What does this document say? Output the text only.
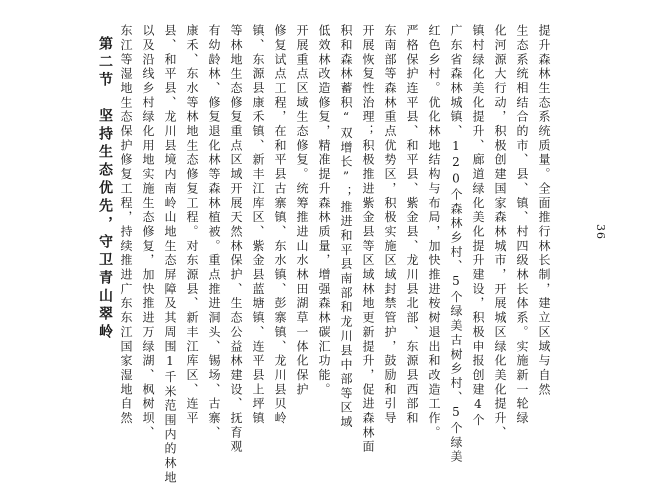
第二节　坚持生态优先，守卫青山翠岭	提升森林生态系统质量。全面推行林长制，建立区域与自然
生态系统相结合的市、县、镇、村四级林长体系。实施新一轮绿
化河源大行动，积极创建国家森林城市，开展城区绿化美化提升、
镇村绿化美化提升、廊道绿化美化提升建设，积极申报创建4个
广东省森林城镇、120个森林乡村、5个绿美古树乡村、5个绿美
红色乡村。优化林地结构与布局，加快推进桉树退出和改造工作。
严格保护连平县、和平县、紫金县、龙川县北部、东源县西部和
东南部等森林重点优势区，积极实施区域封禁管护，鼓励和引导
开展恢复性治理；积极推进紫金县等区域林地更新提升，促进森林面
积和森林蓄积“双增长”；推进和平县南部和龙川县中部等区域
低效林改造修复，精准提升森林质量，增强森林碳汇功能。
开展重点区域生态修复。统筹推进山水林田湖草一体化保护
修复试点工程，在和平县古寨镇、东水镇、彭寨镇、龙川县贝岭
镇、东源县康禾镇、新丰江库区、紫金县蓝塘镇、连平县上坪镇
等林地生态修复重点区域开展天然林保护、生态公益林建设、抚育观
有幼龄林、修复退化林等森林植被。重点推进洞头、锡场、古寨、
康禾、东水等林地生态修复工程。对东源县、新丰江库区、连平
县、和平县、龙川县境内南岭山地生态屏障及其周围1千米范围内的林地
以及沿线乡村绿化用地实施生态修复，加快推进万绿湖、枫树坝、
东江等湿地生态保护修复工程，持续推进广东东江国家湿地自然	36
